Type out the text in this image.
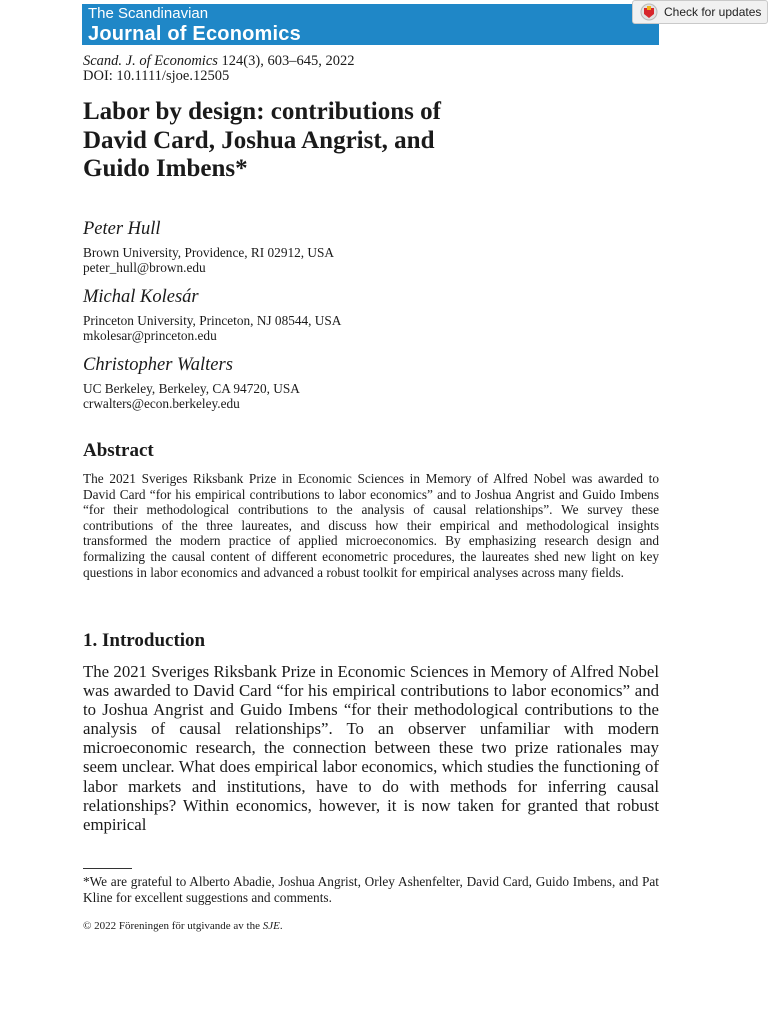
The Scandinavian
Journal of Economics
Check for updates
Scand. J. of Economics 124(3), 603–645, 2022
DOI: 10.1111/sjoe.12505
Labor by design: contributions of
David Card, Joshua Angrist, and
Guido Imbens*
Peter Hull
Brown University, Providence, RI 02912, USA
peter_hull@brown.edu
Michal Kolesár
Princeton University, Princeton, NJ 08544, USA
mkolesar@princeton.edu
Christopher Walters
UC Berkeley, Berkeley, CA 94720, USA
crwalters@econ.berkeley.edu
Abstract

The 2021 Sveriges Riksbank Prize in Economic Sciences in Memory of Alfred Nobel was awarded to David Card “for his empirical contributions to labor economics” and to Joshua Angrist and Guido Imbens “for their methodological contributions to the analysis of causal relationships”. We survey these contributions of the three laureates, and discuss how their empirical and methodological insights transformed the modern practice of applied microeconomics. By emphasizing research design and formalizing the causal content of different econometric procedures, the laureates shed new light on key questions in labor economics and advanced a robust toolkit for empirical analyses across many fields.

1. Introduction

The 2021 Sveriges Riksbank Prize in Economic Sciences in Memory of Alfred Nobel was awarded to David Card “for his empirical contributions to labor economics” and to Joshua Angrist and Guido Imbens “for their methodological contributions to the analysis of causal relationships”. To an observer unfamiliar with modern microeconomic research, the connection between these two prize rationales may seem unclear. What does empirical labor economics, which studies the functioning of labor markets and institutions, have to do with methods for inferring causal relationships? Within economics, however, it is now taken for granted that robust empirical

*We are grateful to Alberto Abadie, Joshua Angrist, Orley Ashenfelter, David Card, Guido Imbens, and Pat Kline for excellent suggestions and comments.

© 2022 Föreningen för utgivande av the SJE.
